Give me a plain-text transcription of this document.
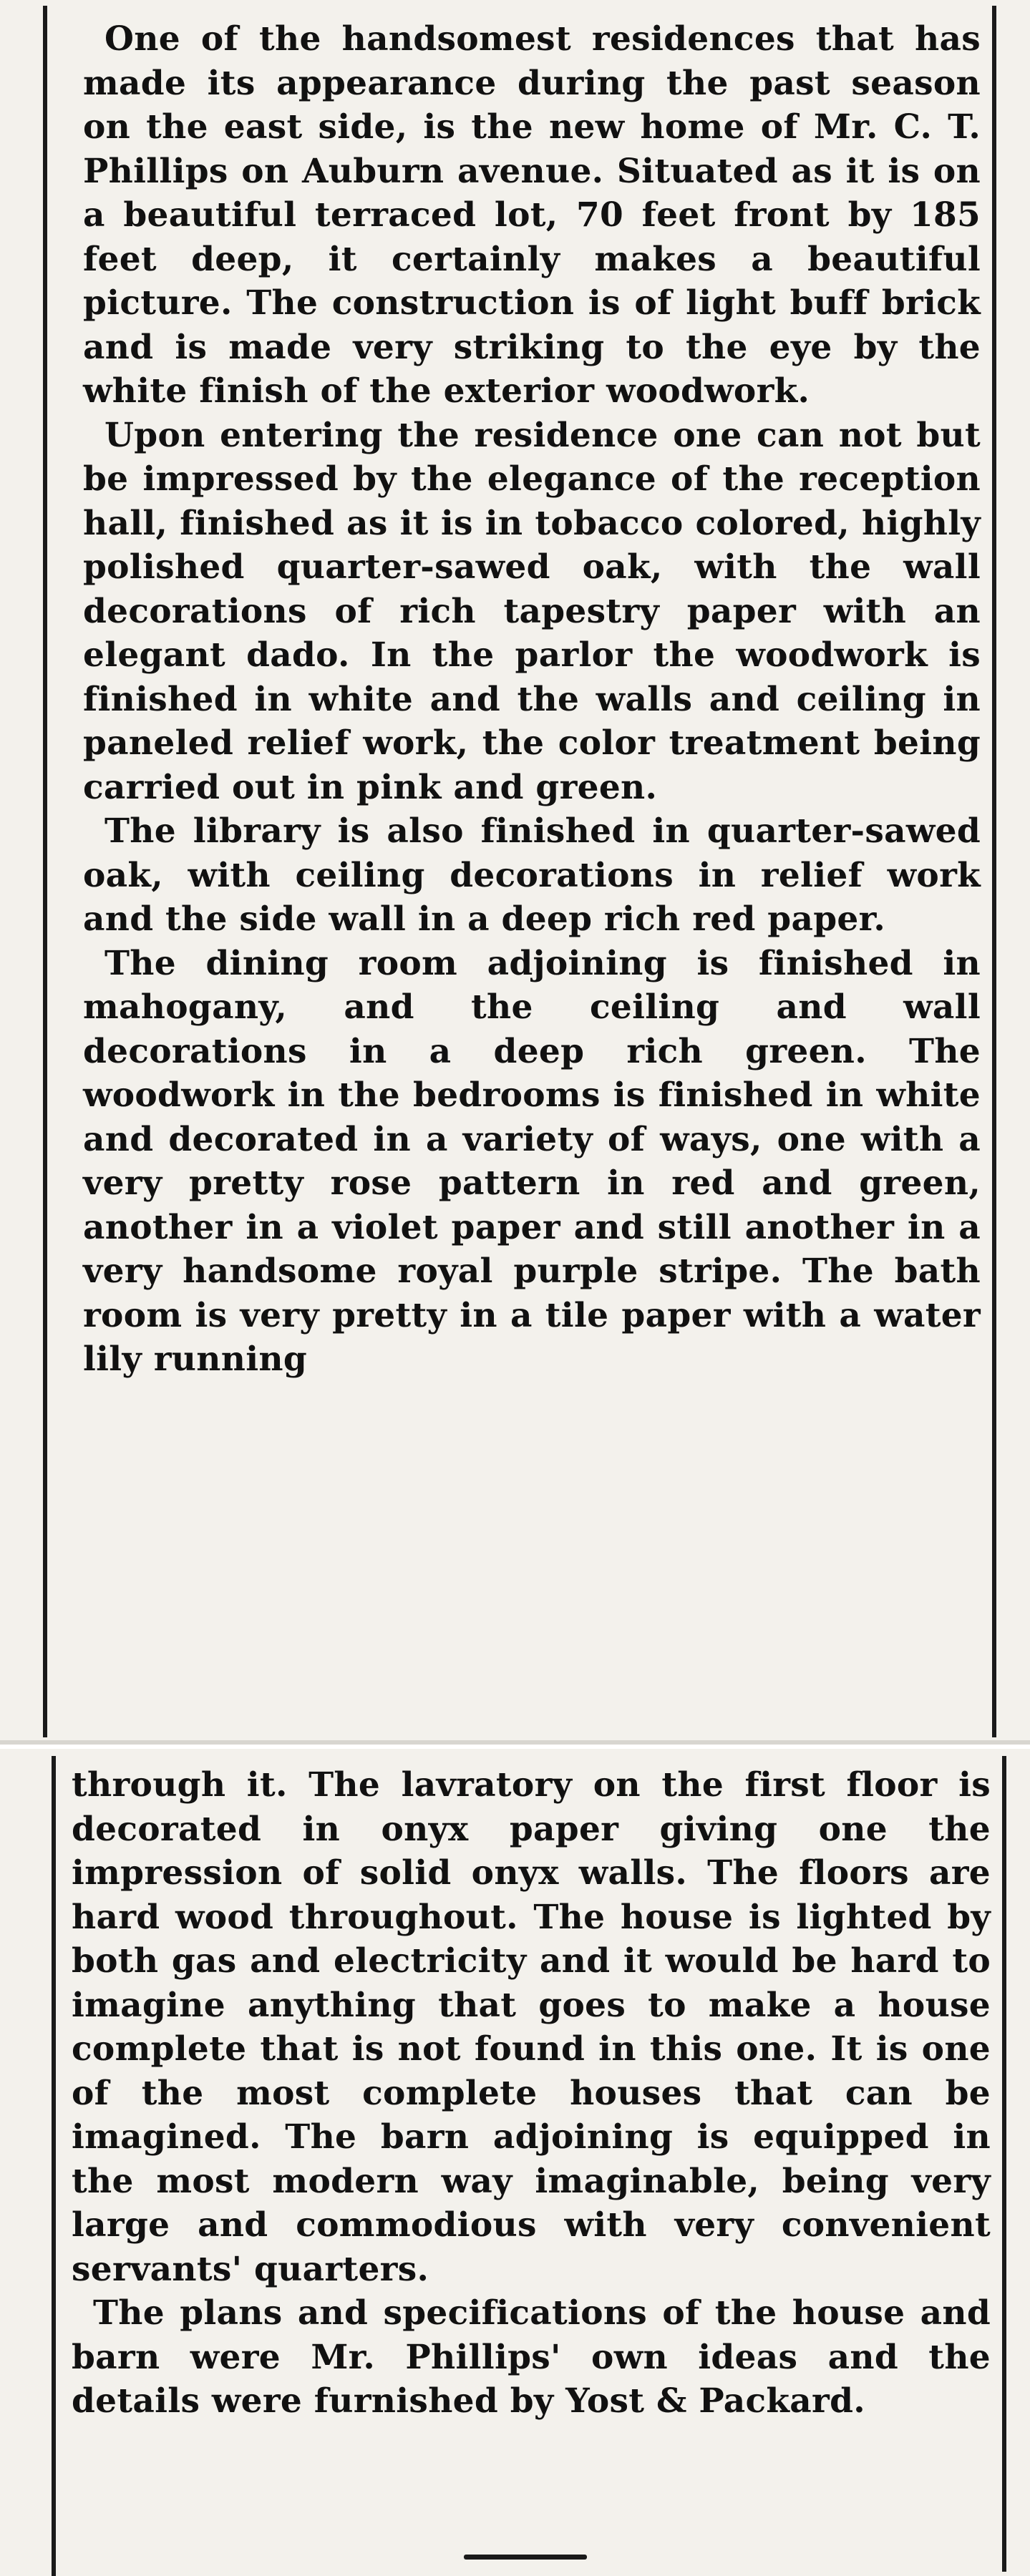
One of the handsomest residences that has made its appearance during the past season on the east side, is the new home of Mr. C. T. Phillips on Auburn avenue. Situated as it is on a beautiful terraced lot, 70 feet front by 185 feet deep, it certainly makes a beautiful picture. The construction is of light buff brick and is made very striking to the eye by the white finish of the exterior woodwork.

Upon entering the residence one can not but be impressed by the elegance of the reception hall, finished as it is in tobacco colored, highly polished quarter-sawed oak, with the wall decorations of rich tapestry paper with an elegant dado. In the parlor the woodwork is finished in white and the walls and ceiling in paneled relief work, the color treatment being carried out in pink and green.

The library is also finished in quarter-sawed oak, with ceiling decorations in relief work and the side wall in a deep rich red paper.

The dining room adjoining is finished in mahogany, and the ceiling and wall decorations in a deep rich green. The woodwork in the bedrooms is finished in white and decorated in a variety of ways, one with a very pretty rose pattern in red and green, another in a violet paper and still another in a very handsome royal purple stripe. The bath room is very pretty in a tile paper with a water lily running

through it. The lavratory on the first floor is decorated in onyx paper giving one the impression of solid onyx walls. The floors are hard wood throughout. The house is lighted by both gas and electricity and it would be hard to imagine anything that goes to make a house complete that is not found in this one. It is one of the most complete houses that can be imagined. The barn adjoining is equipped in the most modern way imaginable, being very large and commodious with very convenient servants' quarters.

The plans and specifications of the house and barn were Mr. Phillips' own ideas and the details were furnished by Yost & Packard.
